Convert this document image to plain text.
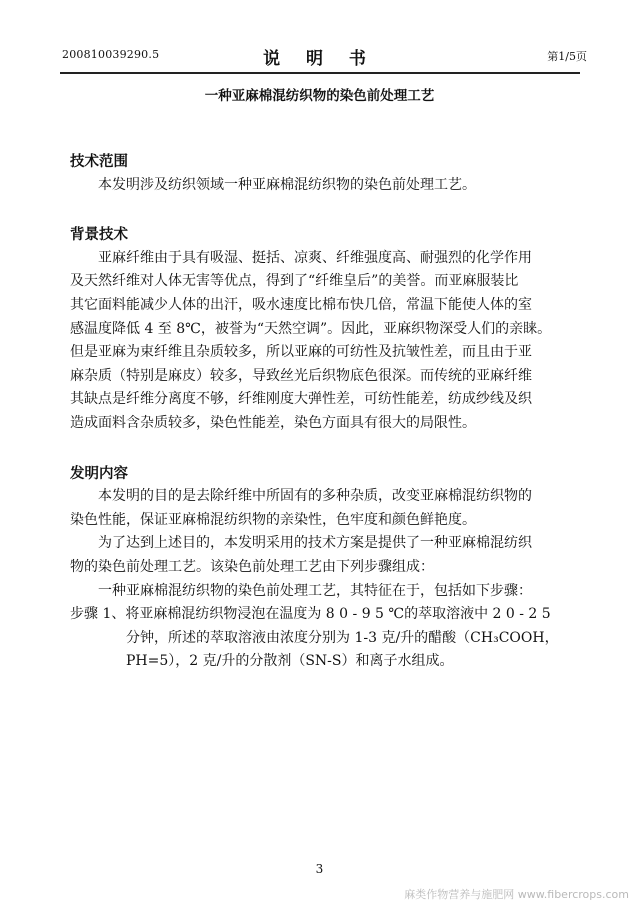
200810039290.5	说 明 书	第1/5页
一种亚麻棉混纺织物的染色前处理工艺
技术范围
本发明涉及纺织领域一种亚麻棉混纺织物的染色前处理工艺。
背景技术
亚麻纤维由于具有吸湿、挺括、凉爽、纤维强度高、耐强烈的化学作用
及天然纤维对人体无害等优点，得到了“纤维皇后”的美誉。而亚麻服装比
其它面料能减少人体的出汗，吸水速度比棉布快几倍，常温下能使人体的室
感温度降低 4 至 8℃，被誉为“天然空调”。因此，亚麻织物深受人们的亲睐。
但是亚麻为束纤维且杂质较多，所以亚麻的可纺性及抗皱性差，而且由于亚
麻杂质（特别是麻皮）较多，导致丝光后织物底色很深。而传统的亚麻纤维
其缺点是纤维分离度不够，纤维刚度大弹性差，可纺性能差，纺成纱线及织
造成面料含杂质较多，染色性能差，染色方面具有很大的局限性。
发明内容
本发明的目的是去除纤维中所固有的多种杂质，改变亚麻棉混纺织物的
染色性能，保证亚麻棉混纺织物的亲染性，色牢度和颜色鲜艳度。
为了达到上述目的，本发明采用的技术方案是提供了一种亚麻棉混纺织
物的染色前处理工艺。该染色前处理工艺由下列步骤组成：
一种亚麻棉混纺织物的染色前处理工艺，其特征在于，包括如下步骤：
步骤 1、将亚麻棉混纺织物浸泡在温度为 8 0 - 9 5 ℃的萃取溶液中 2 0 - 2 5
分钟，所述的萃取溶液由浓度分别为 1-3 克/升的醋酸（CH₃COOH，
PH=5），2 克/升的分散剂（SN-S）和离子水组成。
3
麻类作物营养与施肥网 www.fibercrops.com
